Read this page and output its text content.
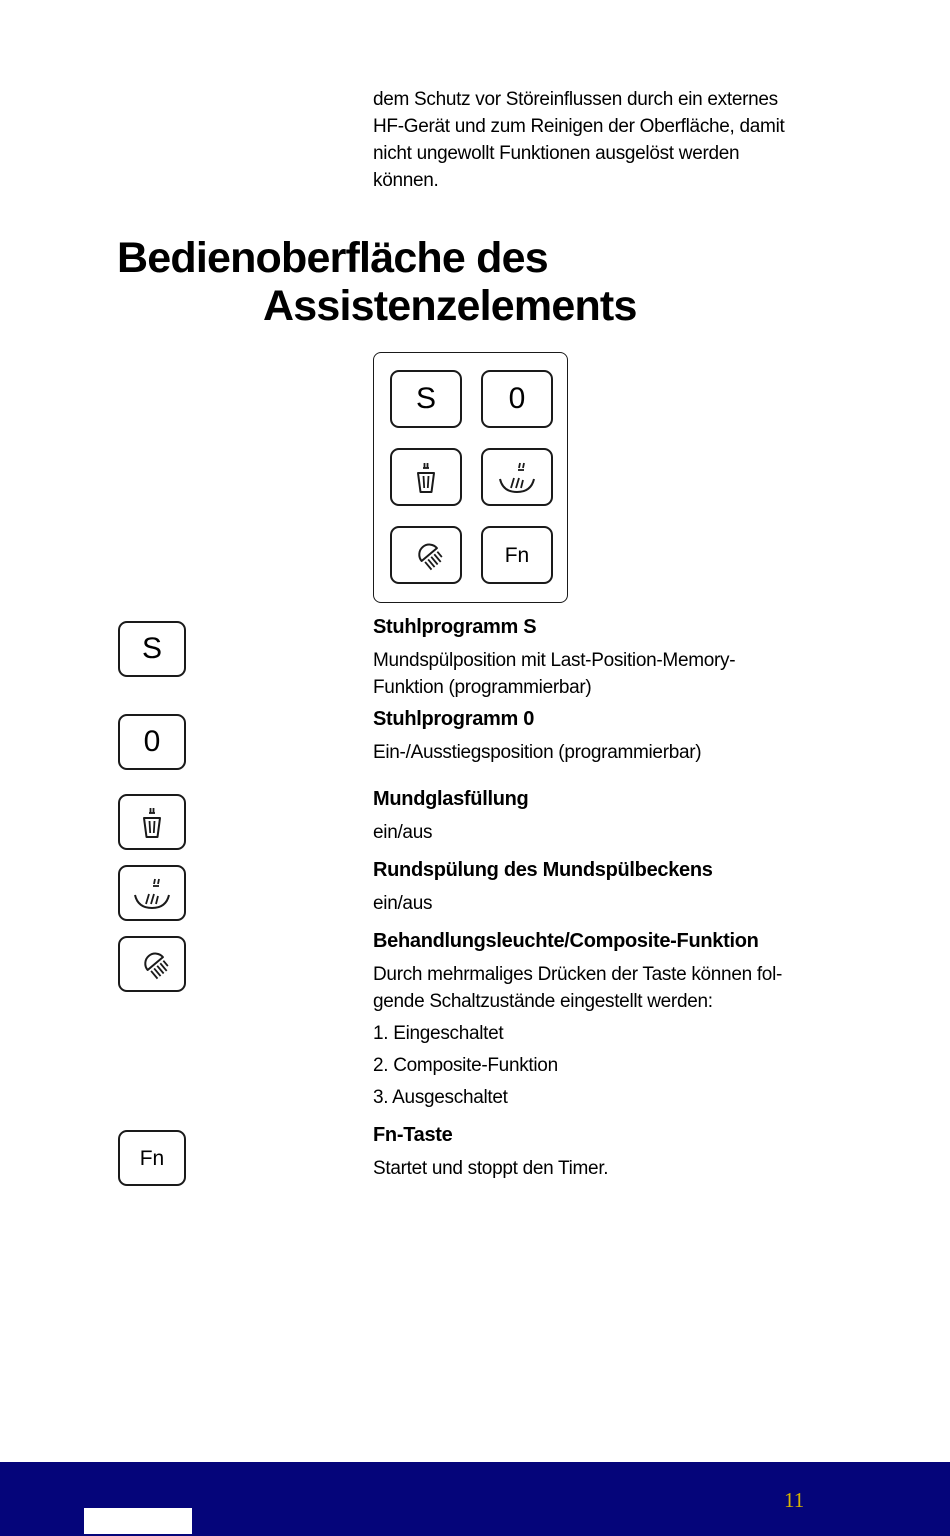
dem Schutz vor Störeinflussen durch ein externes
HF-Gerät und zum Reinigen der Oberfläche, damit
nicht ungewollt Funktionen ausgelöst werden
können.

Bedienoberfläche des
Assistenzelements
S 0
Fn
S
0
Fn
Stuhlprogramm S
Mundspülposition mit Last-Position-Memory-
Funktion (programmierbar)
Stuhlprogramm 0
Ein-/Ausstiegsposition (programmierbar)
Mundglasfüllung
ein/aus
Rundspülung des Mundspülbeckens
ein/aus
Behandlungsleuchte/Composite-Funktion
Durch mehrmaliges Drücken der Taste können fol-
gende Schaltzustände eingestellt werden:
1. Eingeschaltet
2. Composite-Funktion
3. Ausgeschaltet
Fn-Taste
Startet und stoppt den Timer.
11
